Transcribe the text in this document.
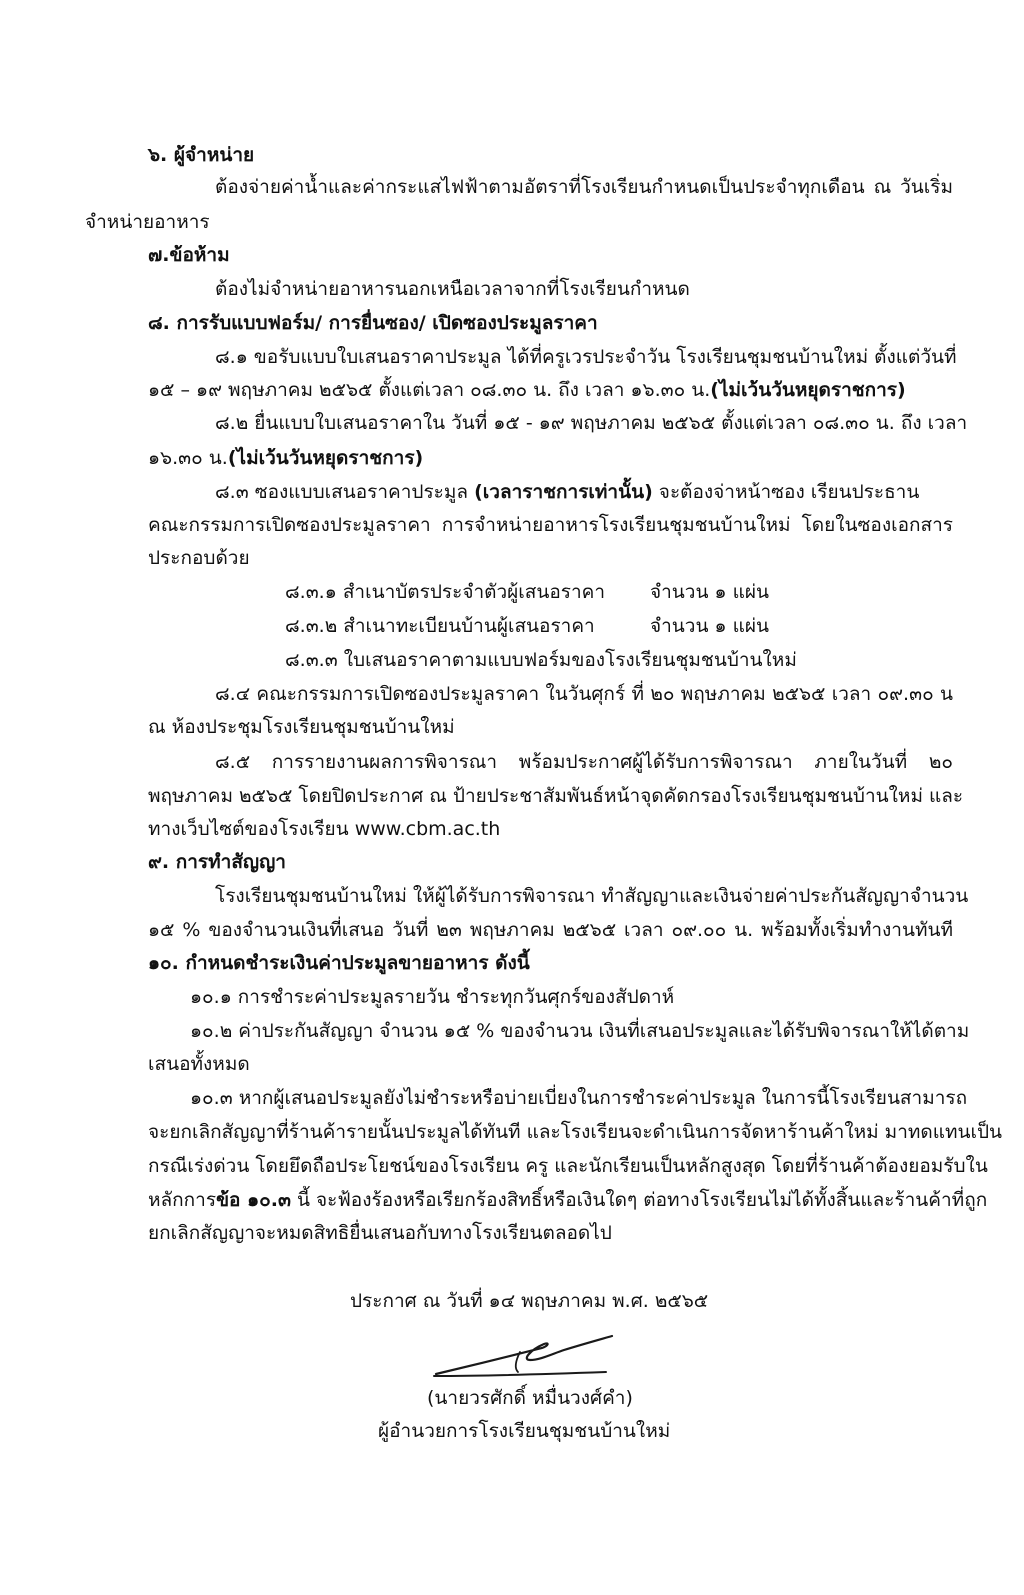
๖. ผู้จำหน่าย
ต้องจ่ายค่าน้ำและค่ากระแสไฟฟ้าตามอัตราที่โรงเรียนกำหนดเป็นประจำทุกเดือน ณ วันเริ่ม
จำหน่ายอาหาร
๗.ข้อห้าม
ต้องไม่จำหน่ายอาหารนอกเหนือเวลาจากที่โรงเรียนกำหนด
๘. การรับแบบฟอร์ม/ การยื่นซอง/ เปิดซองประมูลราคา
๘.๑ ขอรับแบบใบเสนอราคาประมูล ได้ที่ครูเวรประจำวัน โรงเรียนชุมชนบ้านใหม่ ตั้งแต่วันที่
๑๕ – ๑๙ พฤษภาคม ๒๕๖๕ ตั้งแต่เวลา ๐๘.๓๐ น. ถึง เวลา ๑๖.๓๐ น.(ไม่เว้นวันหยุดราชการ)
๘.๒ ยื่นแบบใบเสนอราคาใน วันที่ ๑๕ - ๑๙ พฤษภาคม ๒๕๖๕ ตั้งแต่เวลา ๐๘.๓๐ น. ถึง เวลา
๑๖.๓๐ น.(ไม่เว้นวันหยุดราชการ)
๘.๓ ซองแบบเสนอราคาประมูล (เวลาราชการเท่านั้น) จะต้องจ่าหน้าซอง เรียนประธาน
คณะกรรมการเปิดซองประมูลราคา การจำหน่ายอาหารโรงเรียนชุมชนบ้านใหม่ โดยในซองเอกสาร
ประกอบด้วย
๘.๓.๑ สำเนาบัตรประจำตัวผู้เสนอราคา จำนวน ๑ แผ่น
๘.๓.๒ สำเนาทะเบียนบ้านผู้เสนอราคา	จำนวน ๑ แผ่น
๘.๓.๓ ใบเสนอราคาตามแบบฟอร์มของโรงเรียนชุมชนบ้านใหม่
๘.๔ คณะกรรมการเปิดซองประมูลราคา ในวันศุกร์ ที่ ๒๐ พฤษภาคม ๒๕๖๕ เวลา ๐๙.๓๐ น
ณ ห้องประชุมโรงเรียนชุมชนบ้านใหม่
๘.๕ การรายงานผลการพิจารณา พร้อมประกาศผู้ได้รับการพิจารณา ภายในวันที่ ๒๐
พฤษภาคม ๒๕๖๕ โดยปิดประกาศ ณ ป้ายประชาสัมพันธ์หน้าจุดคัดกรองโรงเรียนชุมชนบ้านใหม่ และ
ทางเว็บไซต์ของโรงเรียน www.cbm.ac.th
๙. การทำสัญญา
โรงเรียนชุมชนบ้านใหม่ ให้ผู้ได้รับการพิจารณา ทำสัญญาและเงินจ่ายค่าประกันสัญญาจำนวน
๑๕ % ของจำนวนเงินที่เสนอ วันที่ ๒๓ พฤษภาคม ๒๕๖๕ เวลา ๐๙.๐๐ น. พร้อมทั้งเริ่มทำงานทันที
๑๐. กำหนดชำระเงินค่าประมูลขายอาหาร ดังนี้
๑๐.๑ การชำระค่าประมูลรายวัน ชำระทุกวันศุกร์ของสัปดาห์
๑๐.๒ ค่าประกันสัญญา จำนวน ๑๕ % ของจำนวน เงินที่เสนอประมูลและได้รับพิจารณาให้ได้ตาม
เสนอทั้งหมด
๑๐.๓ หากผู้เสนอประมูลยังไม่ชำระหรือบ่ายเบี่ยงในการชำระค่าประมูล ในการนี้โรงเรียนสามารถ
จะยกเลิกสัญญาที่ร้านค้ารายนั้นประมูลได้ทันที และโรงเรียนจะดำเนินการจัดหาร้านค้าใหม่ มาทดแทนเป็น
กรณีเร่งด่วน โดยยึดถือประโยชน์ของโรงเรียน ครู และนักเรียนเป็นหลักสูงสุด โดยที่ร้านค้าต้องยอมรับใน
หลักการข้อ ๑๐.๓ นี้ จะฟ้องร้องหรือเรียกร้องสิทธิ์หรือเงินใดๆ ต่อทางโรงเรียนไม่ได้ทั้งสิ้นและร้านค้าที่ถูก
ยกเลิกสัญญาจะหมดสิทธิยื่นเสนอกับทางโรงเรียนตลอดไป
ประกาศ ณ วันที่ ๑๔ พฤษภาคม พ.ศ. ๒๕๖๕
(นายวรศักดิ์ หมื่นวงศ์คำ)
ผู้อำนวยการโรงเรียนชุมชนบ้านใหม่
